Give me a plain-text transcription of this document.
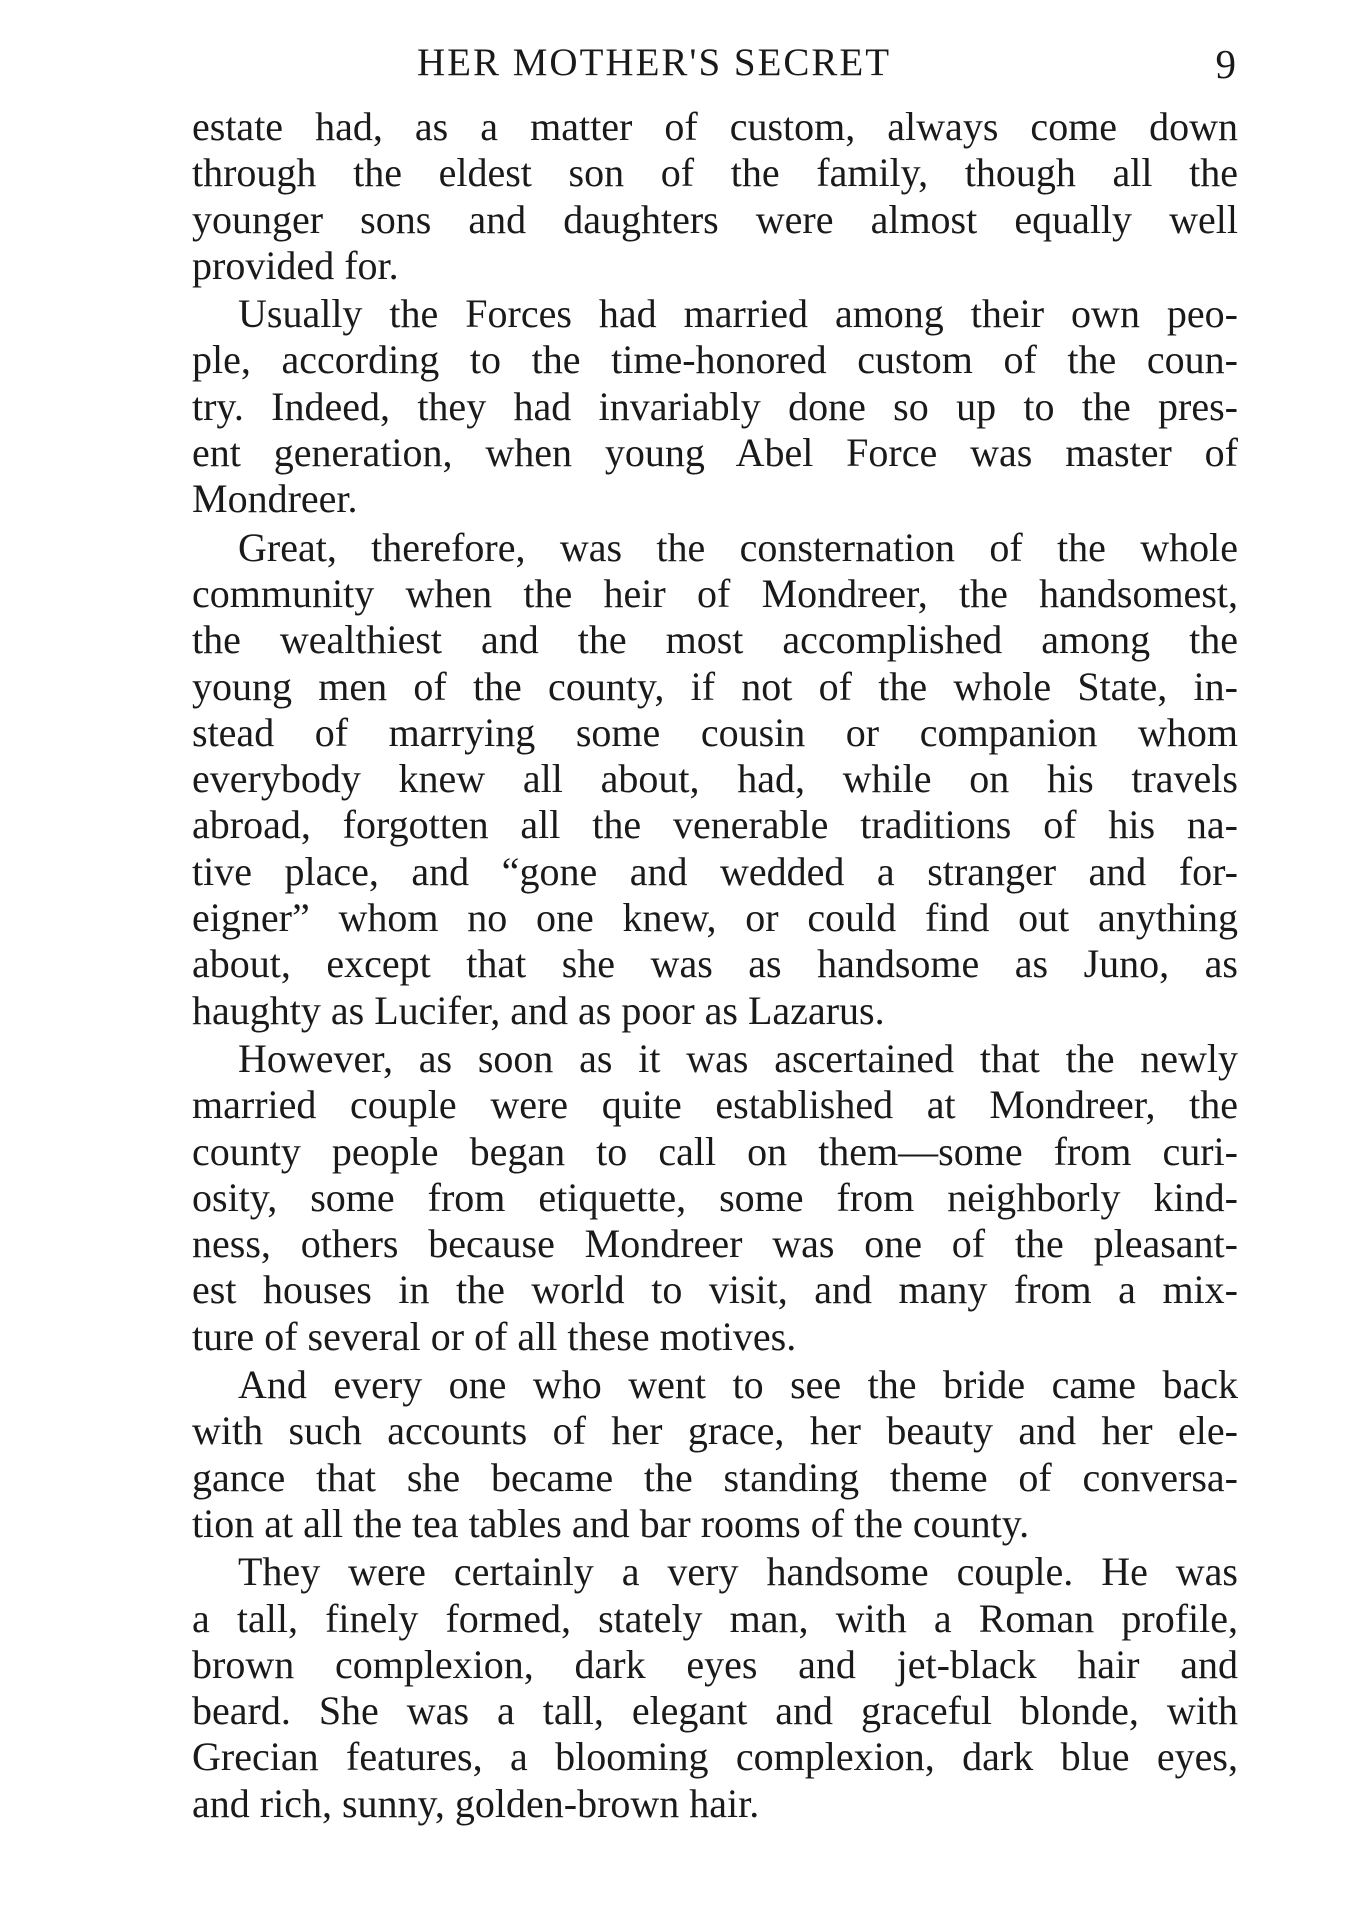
HER MOTHER'S SECRET	9
estate had, as a matter of custom, always come down
through the eldest son of the family, though all the
younger sons and daughters were almost equally well
provided for.
Usually the Forces had married among their own peo-
ple, according to the time-honored custom of the coun-
try. Indeed, they had invariably done so up to the pres-
ent generation, when young Abel Force was master of
Mondreer.
Great, therefore, was the consternation of the whole
community when the heir of Mondreer, the handsomest,
the wealthiest and the most accomplished among the
young men of the county, if not of the whole State, in-
stead of marrying some cousin or companion whom
everybody knew all about, had, while on his travels
abroad, forgotten all the venerable traditions of his na-
tive place, and “gone and wedded a stranger and for-
eigner” whom no one knew, or could find out anything
about, except that she was as handsome as Juno, as
haughty as Lucifer, and as poor as Lazarus.
However, as soon as it was ascertained that the newly
married couple were quite established at Mondreer, the
county people began to call on them—some from curi-
osity, some from etiquette, some from neighborly kind-
ness, others because Mondreer was one of the pleasant-
est houses in the world to visit, and many from a mix-
ture of several or of all these motives.
And every one who went to see the bride came back
with such accounts of her grace, her beauty and her ele-
gance that she became the standing theme of conversa-
tion at all the tea tables and bar rooms of the county.
They were certainly a very handsome couple. He was
a tall, finely formed, stately man, with a Roman profile,
brown complexion, dark eyes and jet-black hair and
beard. She was a tall, elegant and graceful blonde, with
Grecian features, a blooming complexion, dark blue eyes,
and rich, sunny, golden-brown hair.
